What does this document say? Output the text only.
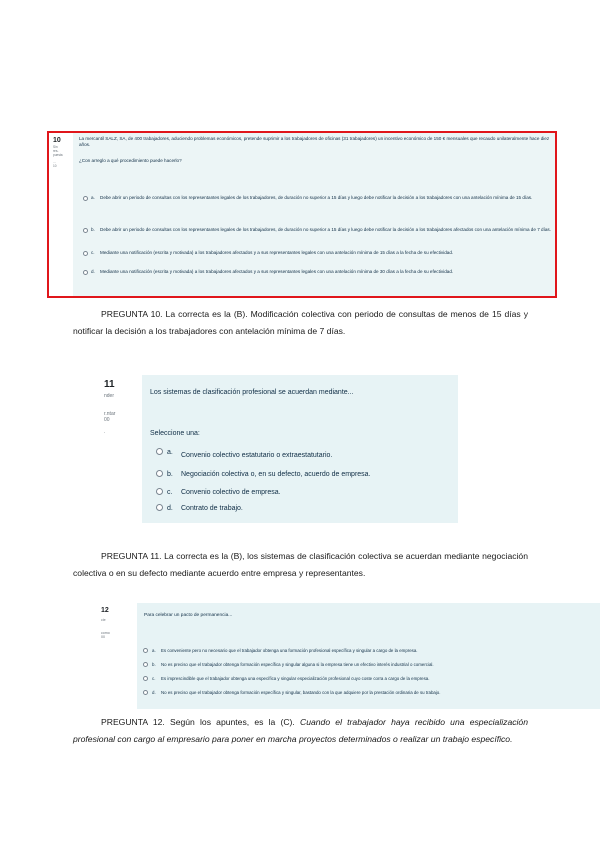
10
Sin
res-
puesta

...
10
La mercantil SALZ, SA, de 400 trabajadores, aduciendo problemas económicos, pretende suprimir a los trabajadores de oficinas (31 trabajadores) un incentivo económico de 150 € mensuales que recaudo unilateralmente hace diez años.
¿Con arreglo a qué procedimiento puede hacerlo?
a.	Debe abrir un periodo de consultas con los representantes legales de los trabajadores, de duración no superior a 15 días y luego debe notificar la decisión a los trabajadores con una antelación mínima de 15 días.
b.	Debe abrir un periodo de consultas con los representantes legales de los trabajadores, de duración no superior a 15 días y luego debe notificar la decisión a los trabajadores afectados con una antelación mínima de 7 días.
c.	Mediante una notificación (escrita y motivada) a los trabajadores afectados y a sus representantes legales con una antelación mínima de 15 días a la fecha de su efectividad.
d.	Mediante una notificación (escrita y motivada) a los trabajadores afectados y a sus representantes legales con una antelación mínima de 30 días a la fecha de su efectividad.

PREGUNTA 10. La correcta es la (B). Modificación colectiva con periodo de consultas de menos de 15 días y notificar la decisión a los trabajadores con antelación mínima de 7 días.

11
nder

r.ntar
00

.
Los sistemas de clasificación profesional se acuerdan mediante...
Seleccione una:
a.	Convenio colectivo estatutario o extraestatutario.
b.	Negociación colectiva o, en su defecto, acuerdo de empresa.
c.	Convenio colectivo de empresa.
d.	Contrato de trabajo.

PREGUNTA 11. La correcta es la (B), los sistemas de clasificación colectiva se acuerdan mediante negociación colectiva o en su defecto mediante acuerdo entre empresa y representantes.

12
cie

como
00
Para celebrar un pacto de permanencia...
a.	Es conveniente pero no necesario que el trabajador obtenga una formación profesional específica y singular a cargo de la empresa.
b.	No es preciso que el trabajador obtenga formación específica y singular alguna si la empresa tiene un efectivo interés industrial o comercial.
c.	Es imprescindible que el trabajador obtenga una específica y singular especialización profesional cuyo coste corra a cargo de la empresa.
d.	No es preciso que el trabajador obtenga formación específica y singular, bastando con la que adquiere por la prestación ordinaria de su trabajo.

PREGUNTA 12. Según los apuntes, es la (C). Cuando el trabajador haya recibido una especialización profesional con cargo al empresario para poner en marcha proyectos determinados o realizar un trabajo específico.
